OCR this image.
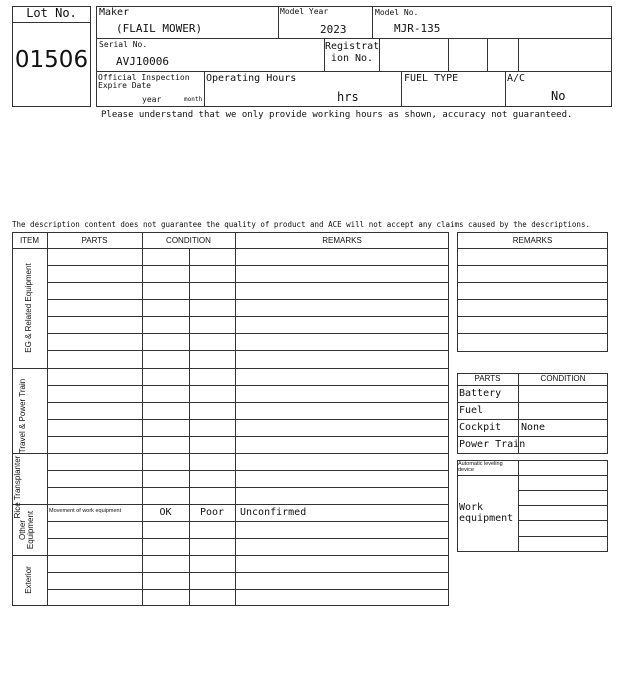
Lot No.
01506
Maker
(FLAIL MOWER)
Model Year
2023
Model No.
MJR-135
Serial No.
AVJ10006
Registrat
ion No.
Official Inspection
Expire Date
year	month
Operating Hours
hrs
FUEL TYPE	A/C
No
Please understand that we only provide working hours as shown, accuracy not guaranteed.
The description content does not guarantee the quality of product and ACE will not accept any claims caused by the descriptions.
ITEM	PARTS	CONDITION	REMARKS
EG & Related Equipment
Travel & Power Train
Rice Transplanter
Other Equipment
Exterior
Movement of work equipment	OK	Poor	Unconfirmed
REMARKS
PARTS	CONDITION
Battery
Fuel
Cockpit None
Power Train
Automatic leveling
device
Work
equipment
